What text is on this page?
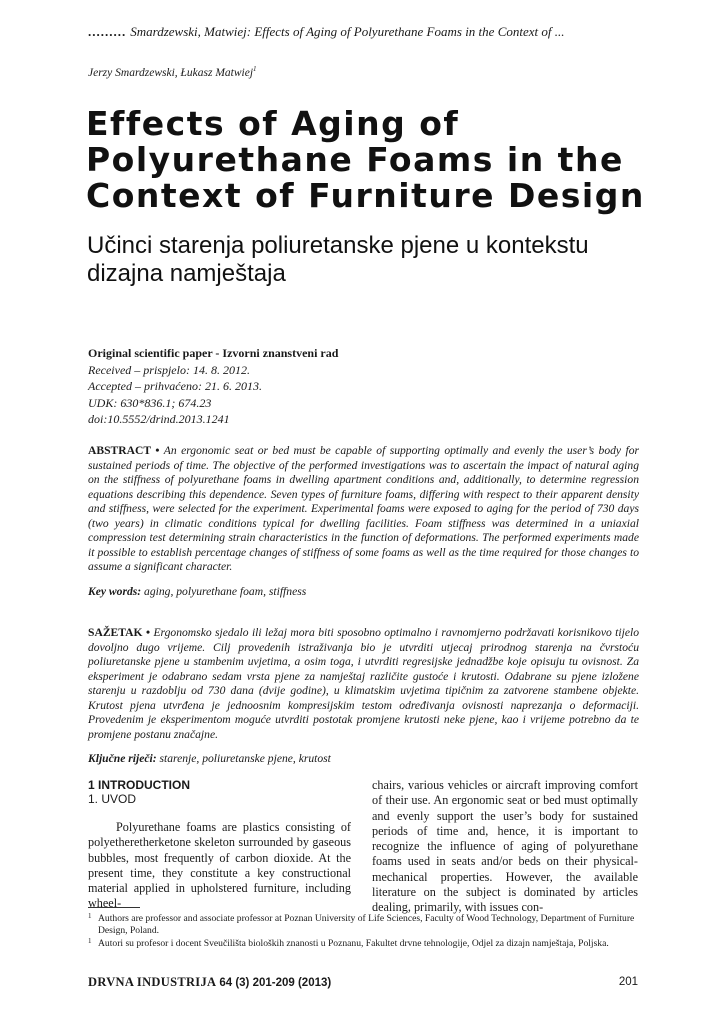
......... Smardzewski, Matwiej: Effects of Aging of Polyurethane Foams in the Context of ...
Jerzy Smardzewski, Łukasz Matwiej$^1$
Effects of Aging of Polyurethane Foams in the Context of Furniture Design
Učinci starenja poliuretanske pjene u kontekstu dizajna namještaja
Original scientific paper - Izvorni znanstveni rad
Received – prispjelo: 14. 8. 2012.
Accepted – prihvaćeno: 21. 6. 2013.
UDK: 630*836.1; 674.23
doi:10.5552/drind.2013.1241
ABSTRACT • An ergonomic seat or bed must be capable of supporting optimally and evenly the user’s body for sustained periods of time. The objective of the performed investigations was to ascertain the impact of natural aging on the stiffness of polyurethane foams in dwelling apartment conditions and, additionally, to determine regression equations describing this dependence. Seven types of furniture foams, differing with respect to their apparent density and stiffness, were selected for the experiment. Experimental foams were exposed to aging for the period of 730 days (two years) in climatic conditions typical for dwelling facilities. Foam stiffness was determined in a uniaxial compression test determining strain characteristics in the function of deformations. The performed experiments made it possible to establish percentage changes of stiffness of some foams as well as the time required for those changes to assume a significant character.
Key words: aging, polyurethane foam, stiffness
SAŽETAK • Ergonomsko sjedalo ili ležaj mora biti sposobno optimalno i ravnomjerno podržavati korisnikovo tijelo dovoljno dugo vrijeme. Cilj provedenih istraživanja bio je utvrditi utjecaj prirodnog starenja na čvrstoću poliuretanske pjene u stambenim uvjetima, a osim toga, i utvrditi regresijske jednadžbe koje opisuju tu ovisnost. Za eksperiment je odabrano sedam vrsta pjene za namještaj različite gustoće i krutosti. Odabrane su pjene izložene starenju u razdoblju od 730 dana (dvije godine), u klimatskim uvjetima tipičnim za zatvorene stambene objekte. Krutost pjena utvrđena je jednoosnim kompresijskim testom određivanja ovisnosti naprezanja o deformaciji. Provedenim je eksperimentom moguće utvrditi postotak promjene krutosti neke pjene, kao i vrijeme potrebno da te promjene postanu značajne.
Ključne riječi: starenje, poliuretanske pjene, krutost
1 INTRODUCTION
1. UVOD
Polyurethane foams are plastics consisting of polyetheretherketone skeleton surrounded by gaseous bubbles, most frequently of carbon dioxide. At the present time, they constitute a key constructional material applied in upholstered furniture, including wheel-
chairs, various vehicles or aircraft improving comfort of their use. An ergonomic seat or bed must optimally and evenly support the user’s body for sustained periods of time and, hence, it is important to recognize the influence of aging of polyurethane foams used in seats and/or beds on their physical-mechanical properties. However, the available literature on the subject is dominated by articles dealing, primarily, with issues con-
1 Authors are professor and associate professor at Poznan University of Life Sciences, Faculty of Wood Technology, Department of Furniture Design, Poland.
1 Autori su profesor i docent Sveučilišta bioloških znanosti u Poznanu, Fakultet drvne tehnologije, Odjel za dizajn namještaja, Poljska.
DRVNA INDUSTRIJA 64 (3) 201-209 (2013)	201
